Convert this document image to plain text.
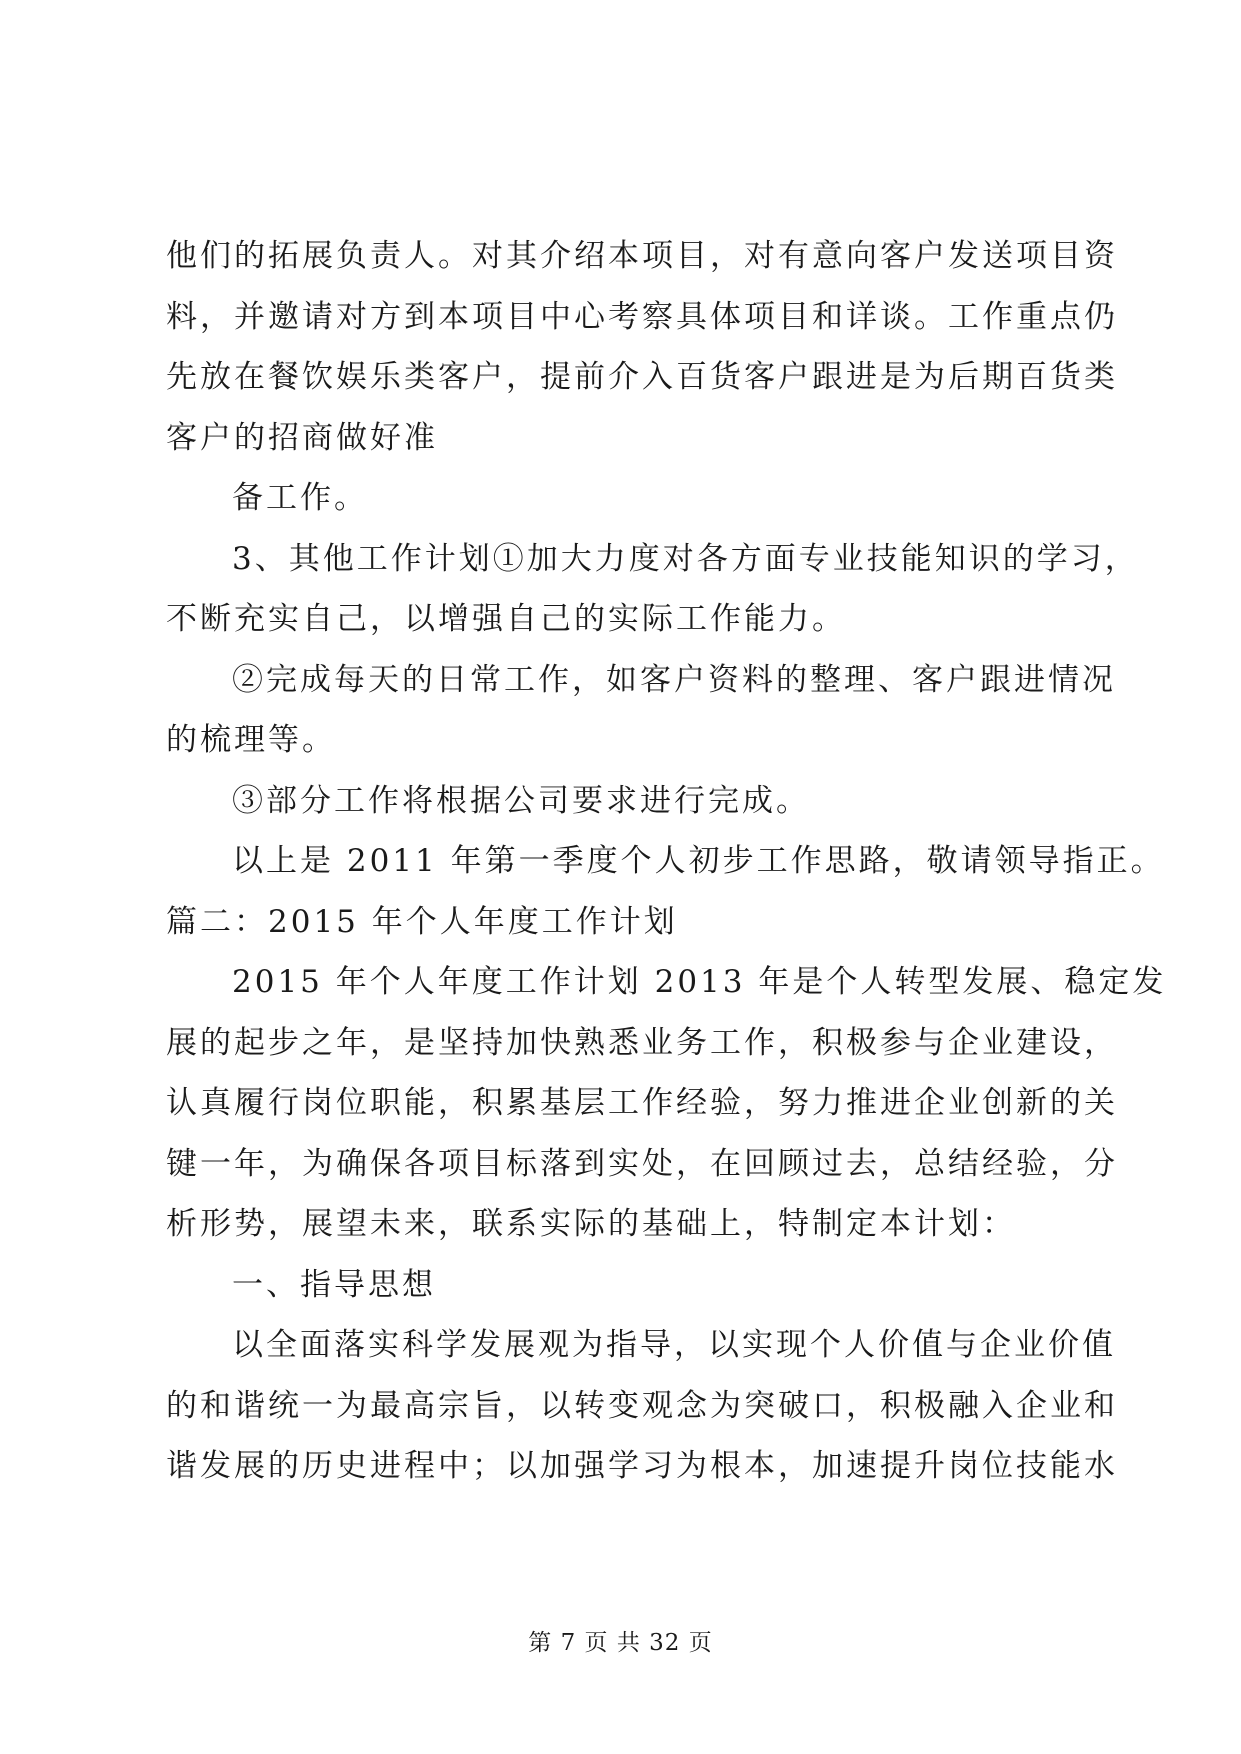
他们的拓展负责人。对其介绍本项目，对有意向客户发送项目资
料，并邀请对方到本项目中心考察具体项目和详谈。工作重点仍
先放在餐饮娱乐类客户，提前介入百货客户跟进是为后期百货类
客户的招商做好准
备工作。
3、其他工作计划①加大力度对各方面专业技能知识的学习，
不断充实自己，以增强自己的实际工作能力。
②完成每天的日常工作，如客户资料的整理、客户跟进情况
的梳理等。
③部分工作将根据公司要求进行完成。
以上是 2011 年第一季度个人初步工作思路，敬请领导指正。
篇二：2015 年个人年度工作计划
2015 年个人年度工作计划 2013 年是个人转型发展、稳定发
展的起步之年，是坚持加快熟悉业务工作，积极参与企业建设，
认真履行岗位职能，积累基层工作经验，努力推进企业创新的关
键一年，为确保各项目标落到实处，在回顾过去，总结经验，分
析形势，展望未来，联系实际的基础上，特制定本计划：
一、指导思想
以全面落实科学发展观为指导，以实现个人价值与企业价值
的和谐统一为最高宗旨，以转变观念为突破口，积极融入企业和
谐发展的历史进程中；以加强学习为根本，加速提升岗位技能水
第 7 页 共 32 页
